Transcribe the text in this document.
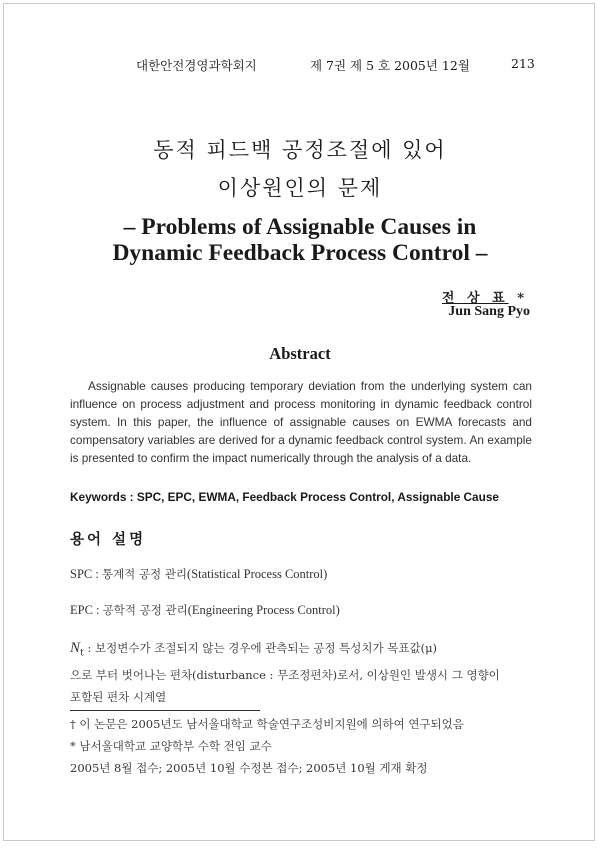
대한안전경영과학회지	제 7권 제 5 호 2005년 12월	213
동적 피드백 공정조절에 있어
이상원인의 문제
– Problems of Assignable Causes in
Dynamic Feedback Process Control –
전 상 표 *
Jun Sang Pyo
Abstract
Assignable causes producing temporary deviation from the underlying system can influence on process adjustment and process monitoring in dynamic feedback control system. In this paper, the influence of assignable causes on EWMA forecasts and compensatory variables are derived for a dynamic feedback control system. An example is presented to confirm the impact numerically through the analysis of a data.
Keywords : SPC, EPC, EWMA, Feedback Process Control, Assignable Cause
용어 설명
SPC : 통계적 공정 관리(Statistical Process Control)
EPC : 공학적 공정 관리(Engineering Process Control)
$N_t$ : 보정변수가 조절되지 않는 경우에 관측되는 공정 특성치가 목표값(μ)
으로 부터 벗어나는 편차(disturbance : 무조정편차)로서, 이상원인 발생시 그 영향이
포함된 편차 시계열
† 이 논문은 2005년도 남서울대학교 학술연구조성비지원에 의하여 연구되었음
* 남서울대학교 교양학부 수학 전임 교수
2005년 8월 접수; 2005년 10월 수정본 접수; 2005년 10월 게재 확정
